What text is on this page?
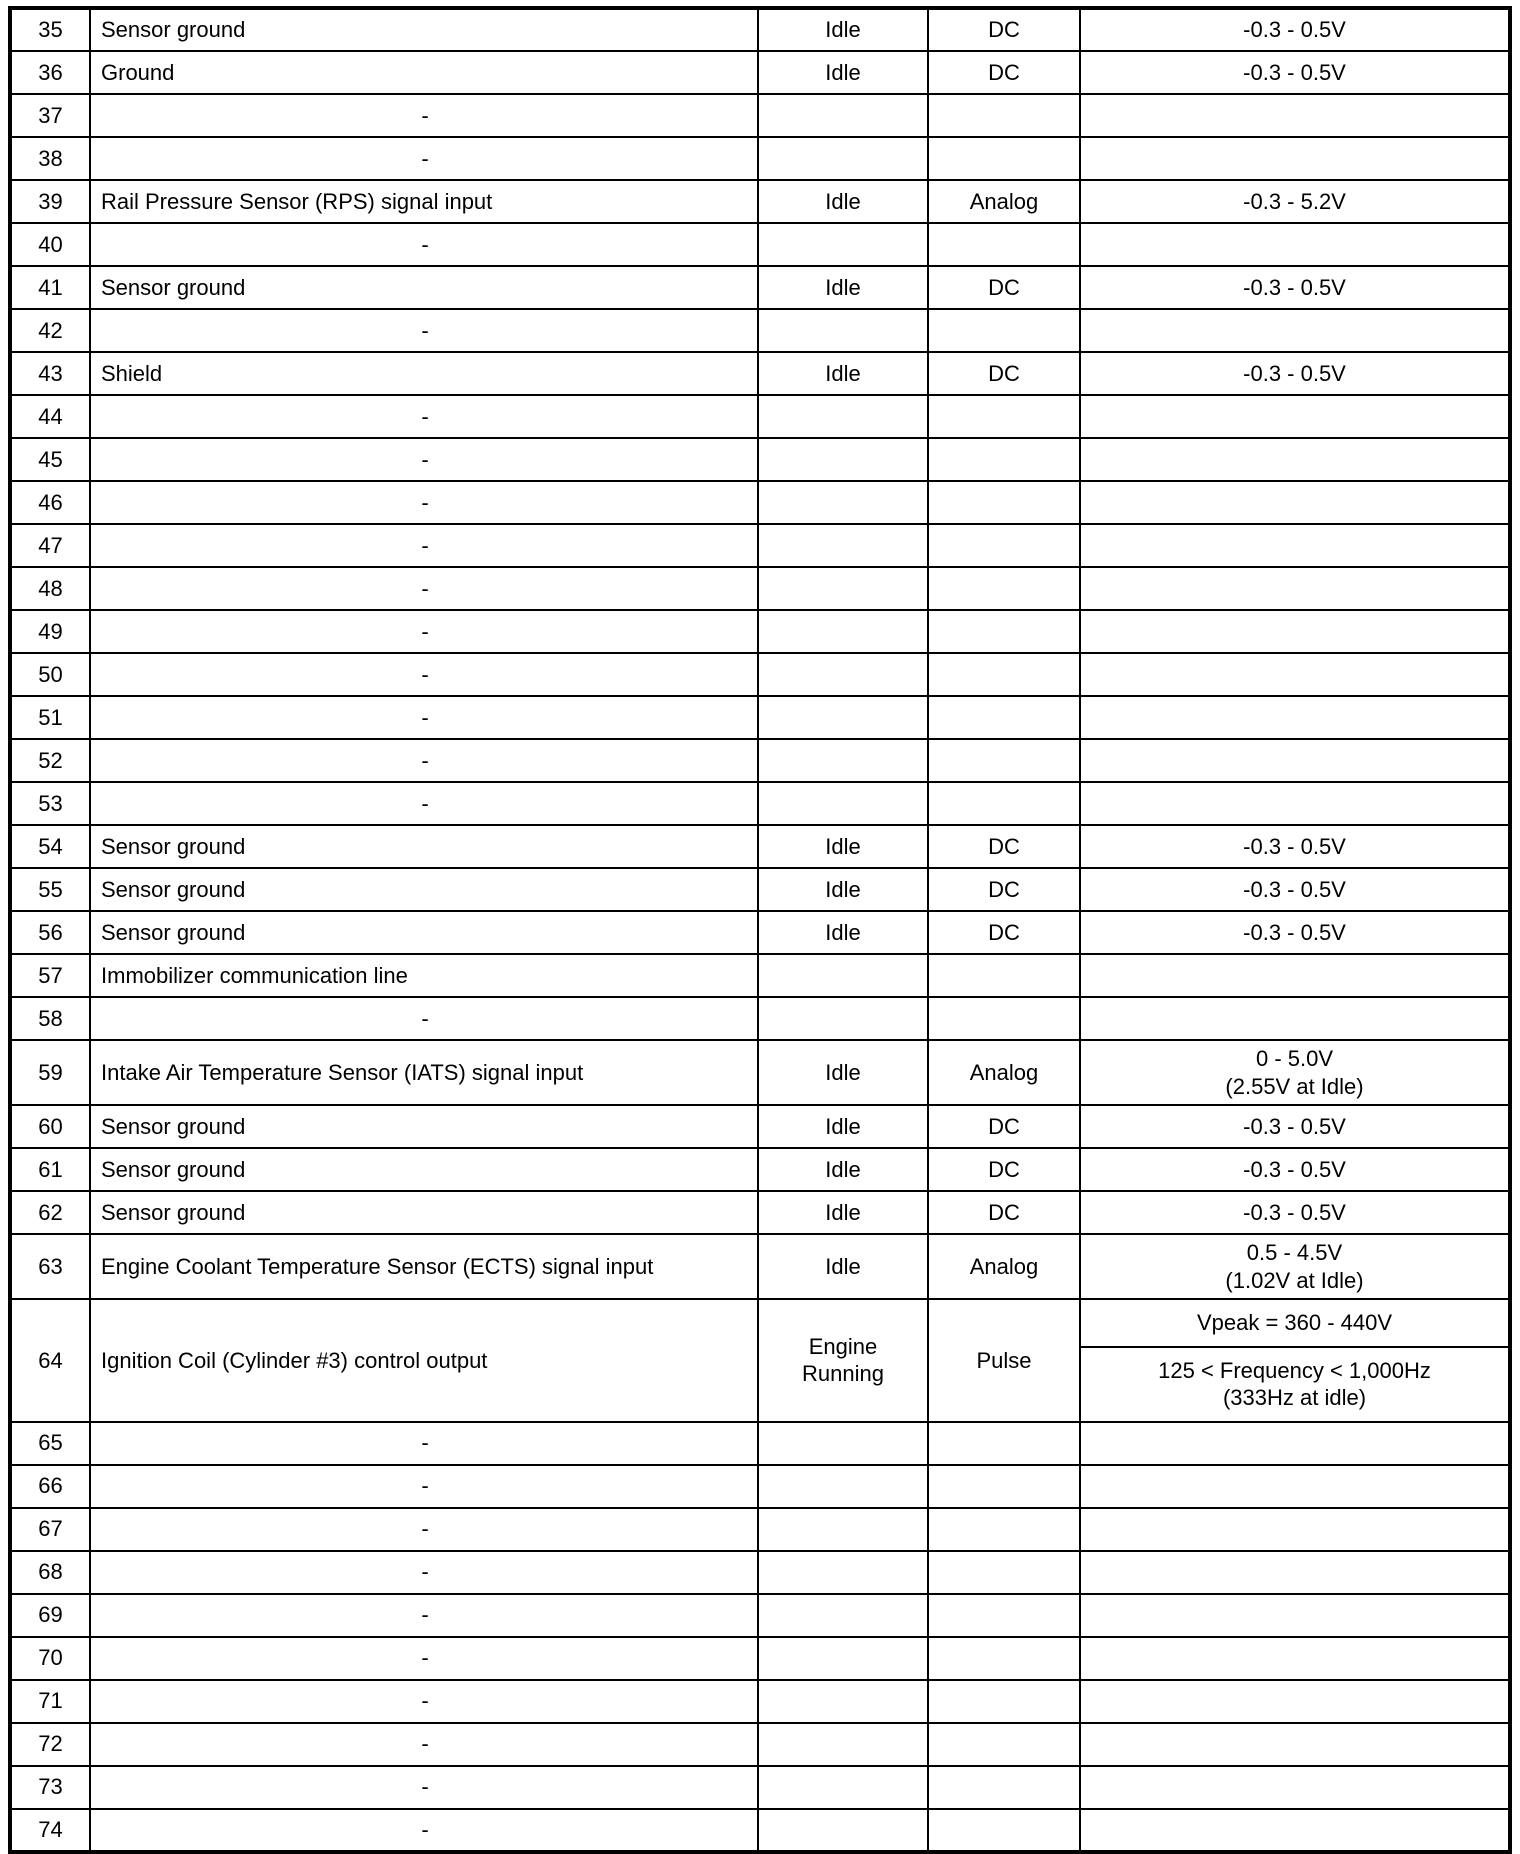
35	Sensor ground	Idle	DC	-0.3 - 0.5V

36	Ground	Idle	DC	-0.3 - 0.5V

37	-			
38	-			
39	Rail Pressure Sensor (RPS) signal input	Idle	Analog	-0.3 - 5.2V

40	-			
41	Sensor ground	Idle	DC	-0.3 - 0.5V

42	-			
43	Shield	Idle	DC	-0.3 - 0.5V

44	-			
45	-			
46	-			
47	-			
48	-			
49	-			
50	-			
51	-			
52	-			
53	-			
54	Sensor ground	Idle	DC	-0.3 - 0.5V

55	Sensor ground	Idle	DC	-0.3 - 0.5V

56	Sensor ground	Idle	DC	-0.3 - 0.5V

57	Immobilizer communication line			
58	-			
59	Intake Air Temperature Sensor (IATS) signal input	Idle	Analog	0 - 5.0V
(2.55V at Idle)

60	Sensor ground	Idle	DC	-0.3 - 0.5V

61	Sensor ground	Idle	DC	-0.3 - 0.5V

62	Sensor ground	Idle	DC	-0.3 - 0.5V

63	Engine Coolant Temperature Sensor (ECTS) signal input	Idle	Analog	0.5 - 4.5V
(1.02V at Idle)

64	Ignition Coil (Cylinder #3) control output	Engine Running	Pulse	Vpeak = 360 - 440V
125 < Frequency < 1,000Hz
(333Hz at idle)

65	-			
66	-			
67	-			
68	-			
69	-			
70	-			
71	-			
72	-			
73	-			
74	-			
